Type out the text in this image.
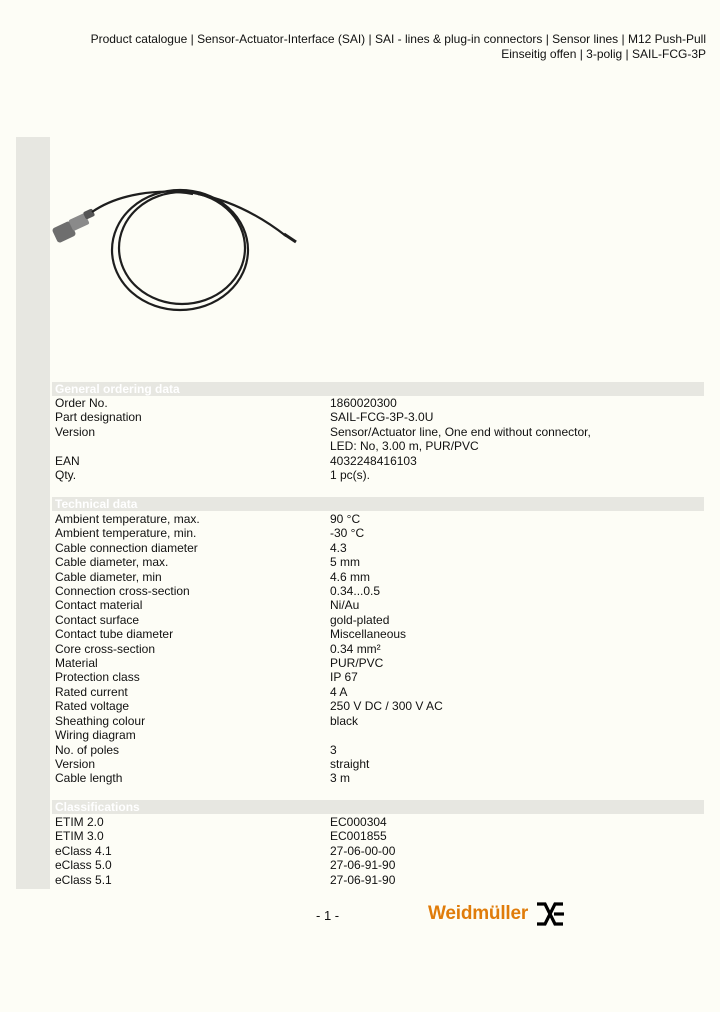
Product catalogue | Sensor-Actuator-Interface (SAI) | SAI - lines & plug-in connectors | Sensor lines | M12 Push-Pull
Einseitig offen | 3-polig | SAIL-FCG-3P
General ordering data
Order No.	1860020300
Part designation	SAIL-FCG-3P-3.0U
Version	Sensor/Actuator line, One end without connector,
LED: No, 3.00 m, PUR/PVC
EAN	4032248416103
Qty.	1 pc(s).
Technical data
Ambient temperature, max.	90 °C
Ambient temperature, min.	-30 °C
Cable connection diameter	4.3
Cable diameter, max.	5 mm
Cable diameter, min	4.6 mm
Connection cross-section	0.34...0.5
Contact material	Ni/Au
Contact surface	gold-plated
Contact tube diameter	Miscellaneous
Core cross-section	0.34 mm²
Material	PUR/PVC
Protection class	IP 67
Rated current	4 A
Rated voltage	250 V DC / 300 V AC
Sheathing colour	black
Wiring diagram
No. of poles	3
Version	straight
Cable length	3 m
Classifications
ETIM 2.0	EC000304
ETIM 3.0	EC001855
eClass 4.1	27-06-00-00
eClass 5.0	27-06-91-90
eClass 5.1	27-06-91-90
- 1 -	Weidmüller
